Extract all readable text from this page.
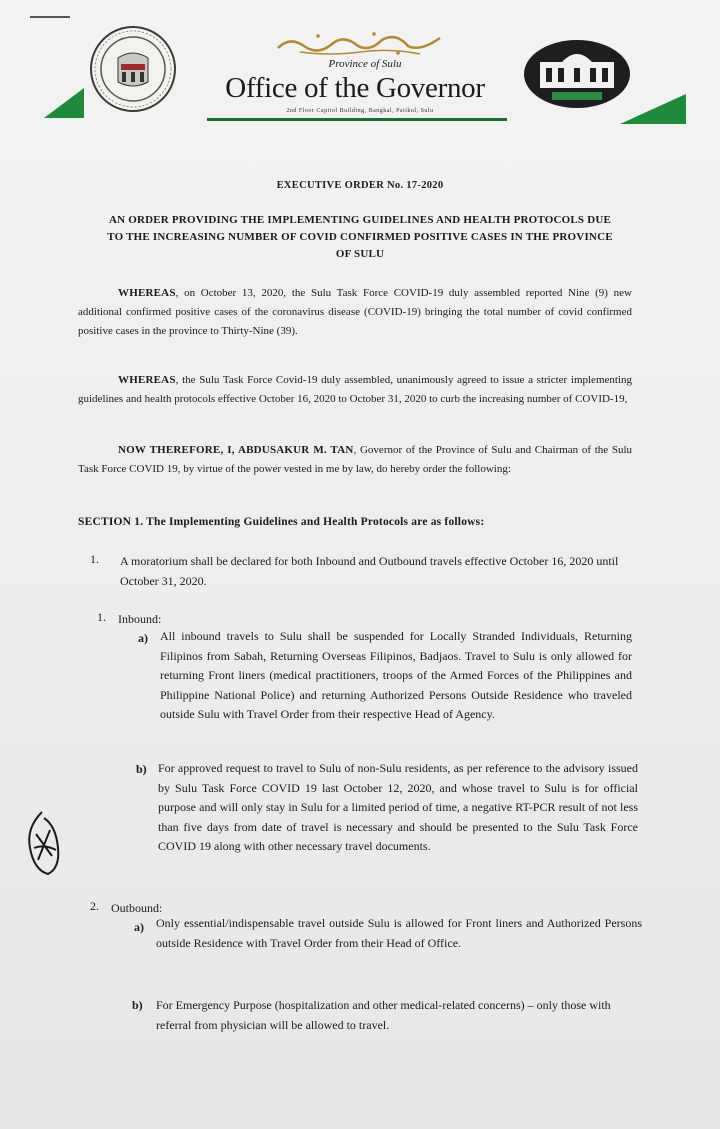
Province of Sulu
Office of the Governor
2nd Floor Capitol Building, Bangkal, Patikul, Sulu
EXECUTIVE ORDER No. 17-2020
AN ORDER PROVIDING THE IMPLEMENTING GUIDELINES AND HEALTH PROTOCOLS DUE TO THE INCREASING NUMBER OF COVID CONFIRMED POSITIVE CASES IN THE PROVINCE OF SULU
WHEREAS, on October 13, 2020, the Sulu Task Force COVID-19 duly assembled reported Nine (9) new additional confirmed positive cases of the coronavirus disease (COVID-19) bringing the total number of covid confirmed positive cases in the province to Thirty-Nine (39).
WHEREAS, the Sulu Task Force Covid-19 duly assembled, unanimously agreed to issue a stricter implementing guidelines and health protocols effective October 16, 2020 to October 31, 2020 to curb the increasing number of COVID-19,
NOW THEREFORE, I, ABDUSAKUR M. TAN, Governor of the Province of Sulu and Chairman of the Sulu Task Force COVID 19, by virtue of the power vested in me by law, do hereby order the following:
SECTION 1. The Implementing Guidelines and Health Protocols are as follows:
1. A moratorium shall be declared for both Inbound and Outbound travels effective October 16, 2020 until October 31, 2020.
1. Inbound:
a) All inbound travels to Sulu shall be suspended for Locally Stranded Individuals, Returning Filipinos from Sabah, Returning Overseas Filipinos, Badjaos. Travel to Sulu is only allowed for returning Front liners (medical practitioners, troops of the Armed Forces of the Philippines and Philippine National Police) and returning Authorized Persons Outside Residence who traveled outside Sulu with Travel Order from their respective Head of Agency.
b) For approved request to travel to Sulu of non-Sulu residents, as per reference to the advisory issued by Sulu Task Force COVID 19 last October 12, 2020, and whose travel to Sulu is for official purpose and will only stay in Sulu for a limited period of time, a negative RT-PCR result of not less than five days from date of travel is necessary and should be presented to the Sulu Task Force COVID 19 along with other necessary travel documents.
2. Outbound:
a) Only essential/indispensable travel outside Sulu is allowed for Front liners and Authorized Persons outside Residence with Travel Order from their Head of Office.
b) For Emergency Purpose (hospitalization and other medical-related concerns) – only those with referral from physician will be allowed to travel.
